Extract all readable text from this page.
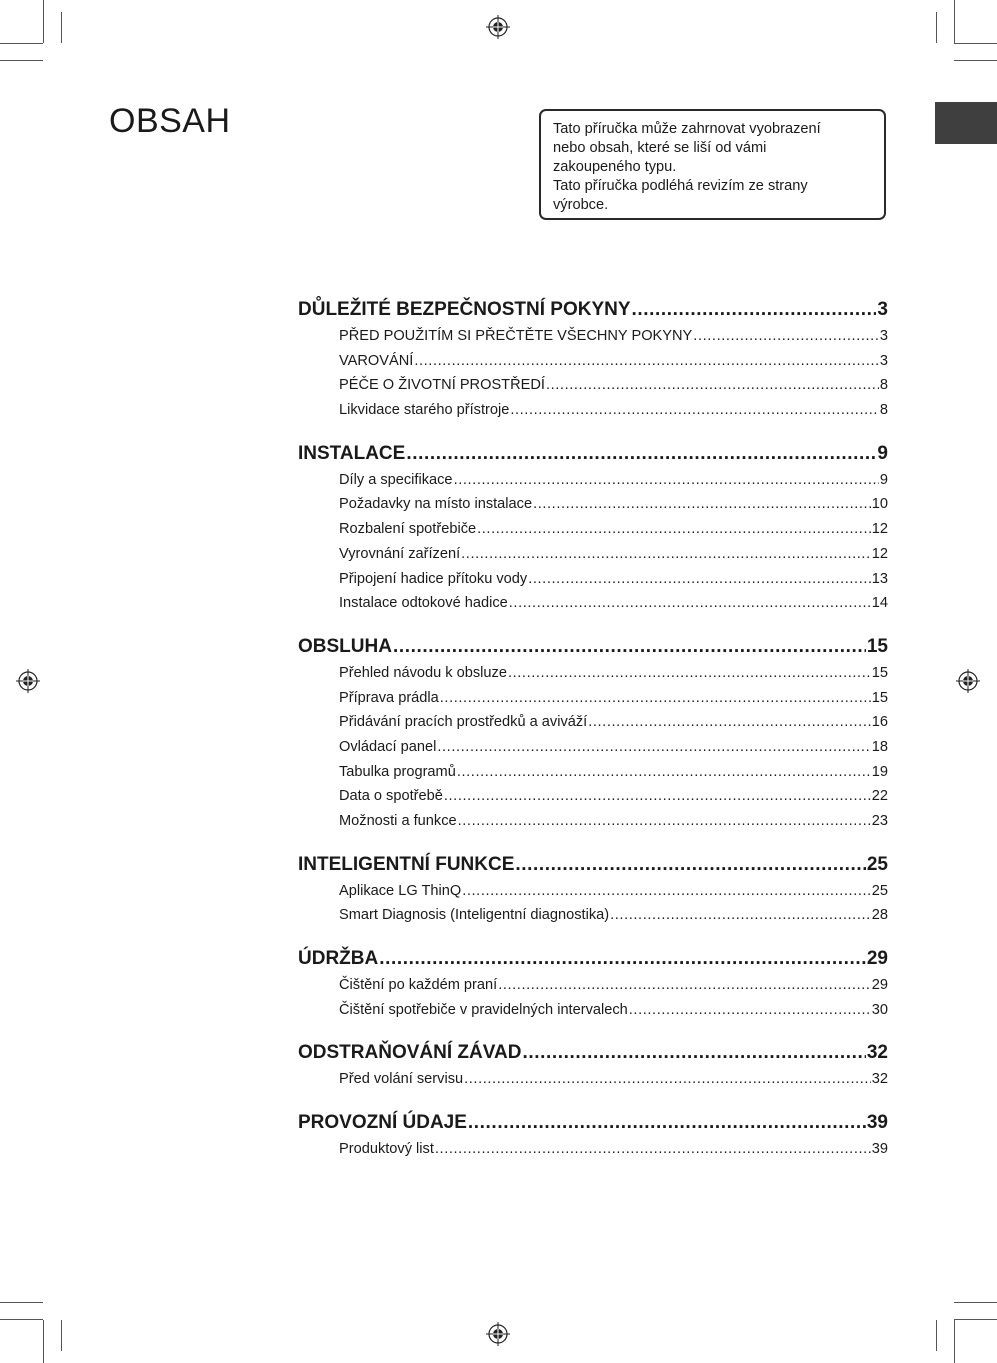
OBSAH	Tato příručka může zahrnovat vyobrazení
nebo obsah, které se liší od vámi
zakoupeného typu.
Tato příručka podléhá revizím ze strany
výrobce.
DŮLEŽITÉ BEZPEČNOSTNÍ POKYNY .....	3
PŘED POUŽITÍM SI PŘEČTĚTE VŠECHNY POKYNY .....	3
VAROVÁNÍ .....	3
PÉČE O ŽIVOTNÍ PROSTŘEDÍ .....	8
Likvidace starého přístroje .....	8
INSTALACE .....	9
Díly a specifikace .....	9
Požadavky na místo instalace .....	10
Rozbalení spotřebiče .....	12
Vyrovnání zařízení .....	12
Připojení hadice přítoku vody .....	13
Instalace odtokové hadice .....	14
OBSLUHA .....	15
Přehled návodu k obsluze .....	15
Příprava prádla .....	15
Přidávání pracích prostředků a aviváží .....	16
Ovládací panel .....	18
Tabulka programů .....	19
Data o spotřebě .....	22
Možnosti a funkce .....	23
INTELIGENTNÍ FUNKCE .....	25
Aplikace LG ThinQ .....	25
Smart Diagnosis (Inteligentní diagnostika) .....	28
ÚDRŽBA .....	29
Čištění po každém praní .....	29
Čištění spotřebiče v pravidelných intervalech .....	30
ODSTRAŇOVÁNÍ ZÁVAD .....	32
Před volání servisu .....	32
PROVOZNÍ ÚDAJE .....	39
Produktový list .....	39
